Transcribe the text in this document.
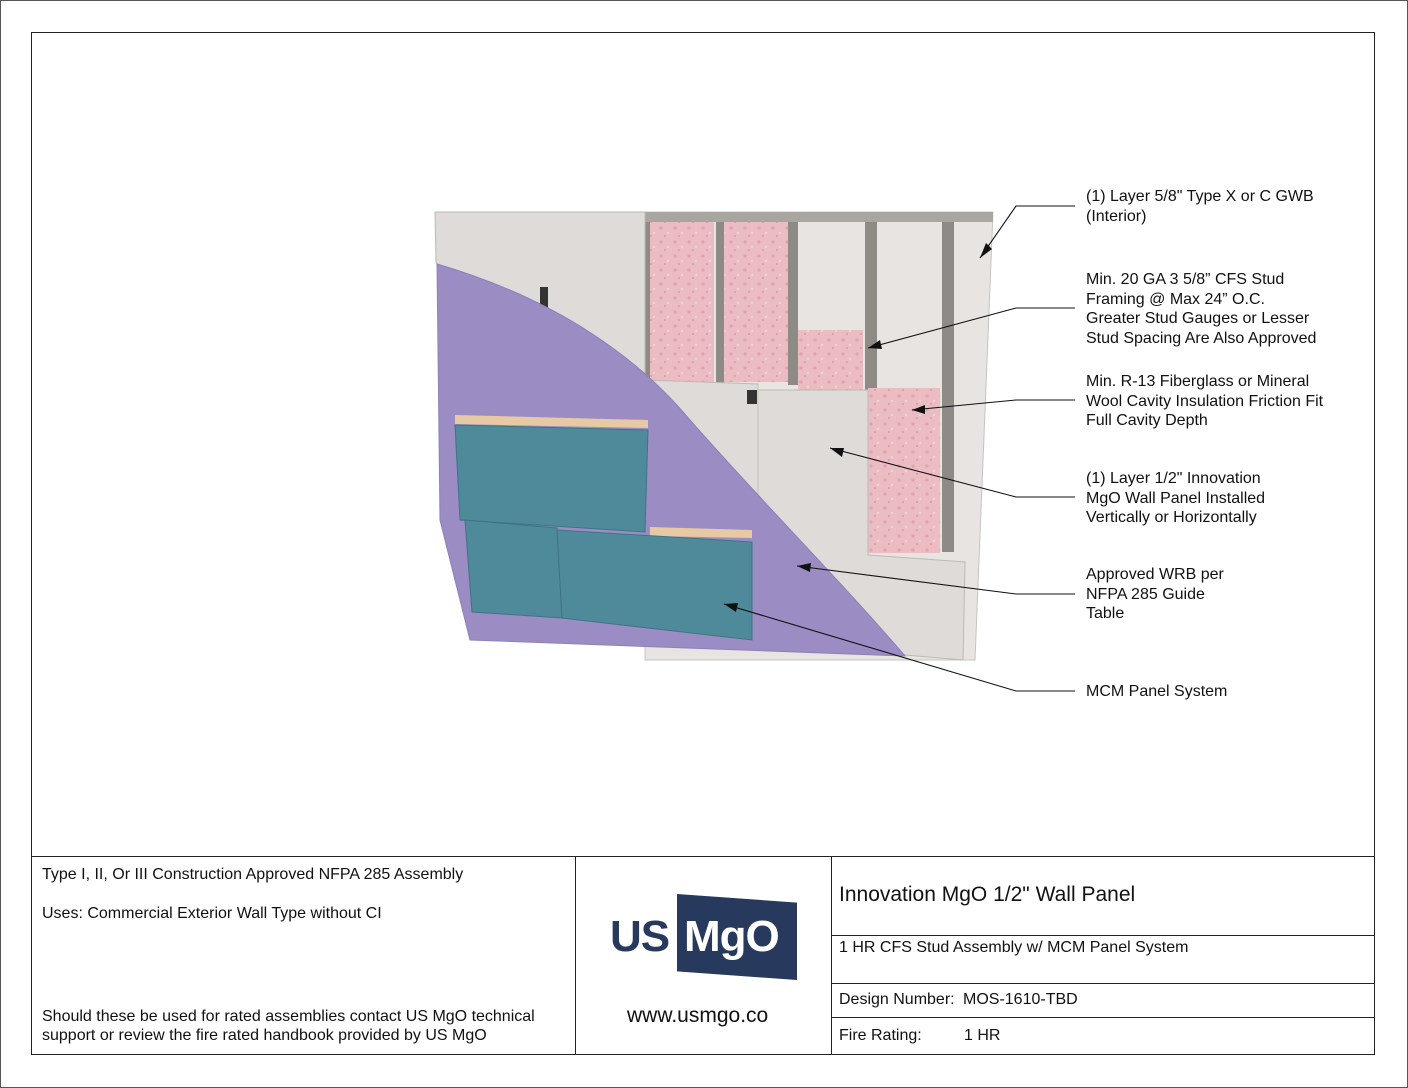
(1) Layer 5/8" Type X or C GWB
(Interior)
Min. 20 GA 3 5/8” CFS Stud
Framing @ Max 24” O.C.
Greater Stud Gauges or Lesser
Stud Spacing Are Also Approved
Min. R-13 Fiberglass or Mineral
Wool Cavity Insulation Friction Fit
Full Cavity Depth
(1) Layer 1/2" Innovation
MgO Wall Panel Installed
Vertically or Horizontally
Approved WRB per
NFPA 285 Guide
Table
MCM Panel System
Type I, II, Or III Construction Approved NFPA 285 Assembly
Uses: Commercial Exterior Wall Type without CI
Should these be used for rated assemblies contact US MgO technical
support or review the fire rated handbook provided by US MgO
US MgO
www.usmgo.co
Innovation MgO 1/2" Wall Panel
1 HR CFS Stud Assembly w/ MCM Panel System
Design Number: MOS-1610-TBD
Fire Rating:	1 HR
